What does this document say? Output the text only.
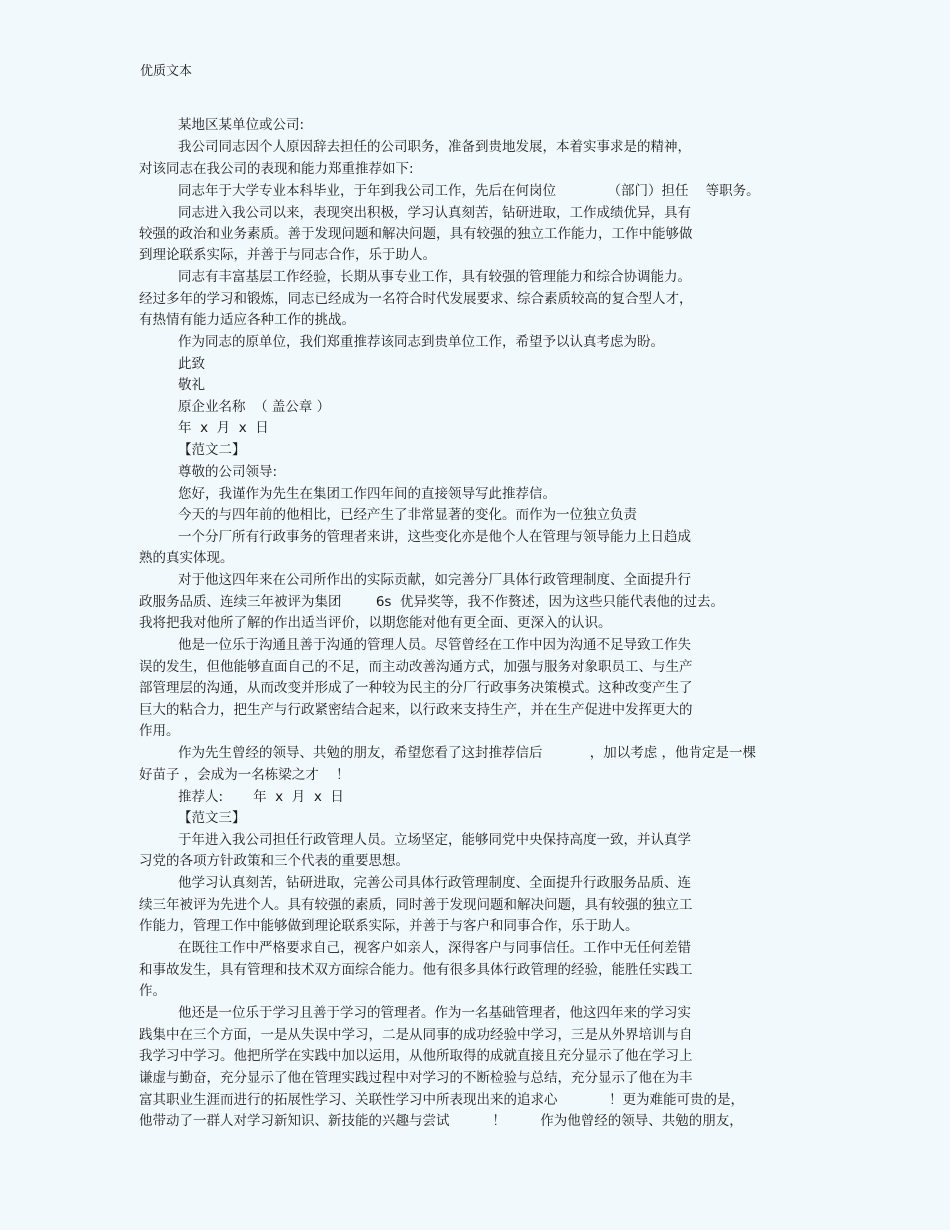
优质文本
某地区某单位或公司:
我公司同志因个人原因辞去担任的公司职务，准备到贵地发展，本着实事求是的精神，
对该同志在我公司的表现和能力郑重推荐如下:
同志年于大学专业本科毕业，于年到我公司工作，先后在何岗位            （部门）担任    等职务。
同志进入我公司以来，表现突出积极，学习认真刻苦，钻研进取，工作成绩优异，具有
较强的政治和业务素质。善于发现问题和解决问题，具有较强的独立工作能力，工作中能够做
到理论联系实际，并善于与同志合作，乐于助人。
同志有丰富基层工作经验，长期从事专业工作，具有较强的管理能力和综合协调能力。
经过多年的学习和锻炼，同志已经成为一名符合时代发展要求、综合素质较高的复合型人才，
有热情有能力适应各种工作的挑战。
作为同志的原单位，我们郑重推荐该同志到贵单位工作，希望予以认真考虑为盼。
此致
敬礼
原企业名称  （ 盖公章 ）
年  x  月  x  日
【范文二】
尊敬的公司领导:
您好，我谨作为先生在集团工作四年间的直接领导写此推荐信。
今天的与四年前的他相比，已经产生了非常显著的变化。而作为一位独立负责
一个分厂所有行政事务的管理者来讲，这些变化亦是他个人在管理与领导能力上日趋成
熟的真实体现。
对于他这四年来在公司所作出的实际贡献，如完善分厂具体行政管理制度、全面提升行
政服务品质、连续三年被评为集团        6s  优异奖等，我不作赘述，因为这些只能代表他的过去。
我将把我对他所了解的作出适当评价，以期您能对他有更全面、更深入的认识。
他是一位乐于沟通且善于沟通的管理人员。尽管曾经在工作中因为沟通不足导致工作失
误的发生，但他能够直面自己的不足，而主动改善沟通方式，加强与服务对象职员工、与生产
部管理层的沟通，从而改变并形成了一种较为民主的分厂行政事务决策模式。这种改变产生了
巨大的粘合力，把生产与行政紧密结合起来，以行政来支持生产，并在生产促进中发挥更大的
作用。
作为先生曾经的领导、共勉的朋友，希望您看了这封推荐信后           ，加以考虑 ，他肯定是一棵
好苗子 ，会成为一名栋梁之才    ！
推荐人:       年  x  月  x  日
【范文三】
于年进入我公司担任行政管理人员。立场坚定，能够同党中央保持高度一致，并认真学
习党的各项方针政策和三个代表的重要思想。
他学习认真刻苦，钻研进取，完善公司具体行政管理制度、全面提升行政服务品质、连
续三年被评为先进个人。具有较强的素质，同时善于发现问题和解决问题，具有较强的独立工
作能力，管理工作中能够做到理论联系实际，并善于与客户和同事合作，乐于助人。
在既往工作中严格要求自己，视客户如亲人，深得客户与同事信任。工作中无任何差错
和事故发生，具有管理和技术双方面综合能力。他有很多具体行政管理的经验，能胜任实践工
作。
他还是一位乐于学习且善于学习的管理者。作为一名基础管理者，他这四年来的学习实
践集中在三个方面，一是从失误中学习，二是从同事的成功经验中学习，三是从外界培训与自
我学习中学习。他把所学在实践中加以运用，从他所取得的成就直接且充分显示了他在学习上
谦虚与勤奋，充分显示了他在管理实践过程中对学习的不断检验与总结，充分显示了他在为丰
富其职业生涯而进行的拓展性学习、关联性学习中所表现出来的追求心            ！更为难能可贵的是，
他带动了一群人对学习新知识、新技能的兴趣与尝试          ！        作为他曾经的领导、共勉的朋友，
